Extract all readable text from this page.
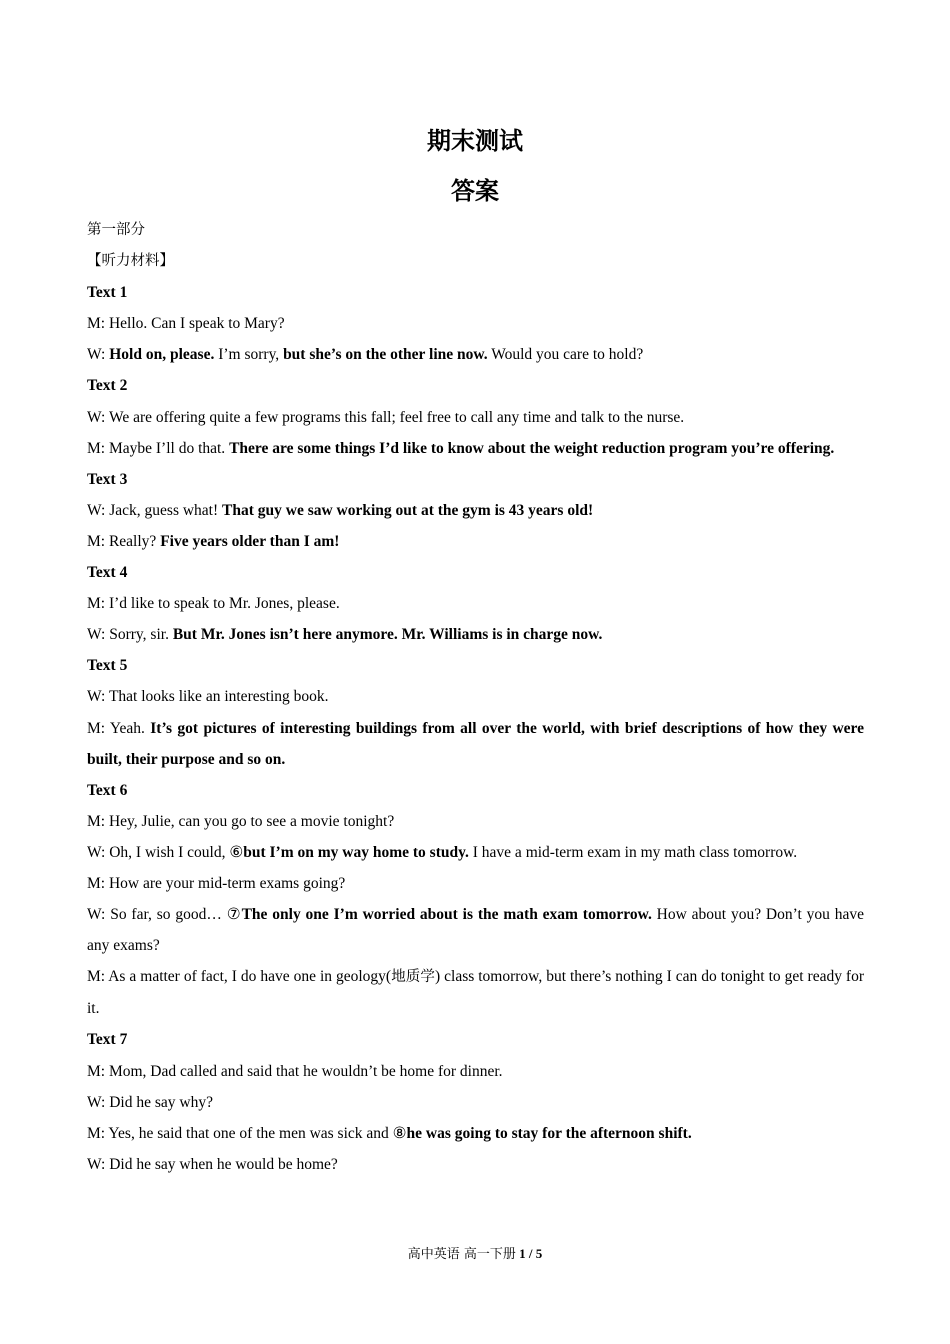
期末测试
答案

第一部分

【听力材料】

Text 1

M: Hello. Can I speak to Mary?

W: Hold on, please. I’m sorry, but she’s on the other line now. Would you care to hold?

Text 2

W: We are offering quite a few programs this fall; feel free to call any time and talk to the nurse.

M: Maybe I’ll do that. There are some things I’d like to know about the weight reduction program you’re offering.

Text 3

W: Jack, guess what! That guy we saw working out at the gym is 43 years old!

M: Really? Five years older than I am!

Text 4

M: I’d like to speak to Mr. Jones, please.

W: Sorry, sir. But Mr. Jones isn’t here anymore. Mr. Williams is in charge now.

Text 5

W: That looks like an interesting book.

M: Yeah. It’s got pictures of interesting buildings from all over the world, with brief descriptions of how they were built, their purpose and so on.

Text 6

M: Hey, Julie, can you go to see a movie tonight?

W: Oh, I wish I could, ⑥but I’m on my way home to study. I have a mid-term exam in my math class tomorrow.

M: How are your mid-term exams going?

W: So far, so good… ⑦The only one I’m worried about is the math exam tomorrow. How about you? Don’t you have any exams?

M: As a matter of fact, I do have one in geology(地质学) class tomorrow, but there’s nothing I can do tonight to get ready for it.

Text 7

M: Mom, Dad called and said that he wouldn’t be home for dinner.

W: Did he say why?

M: Yes, he said that one of the men was sick and ⑧he was going to stay for the afternoon shift.

W: Did he say when he would be home?

高中英语 高一下册 1 / 5
